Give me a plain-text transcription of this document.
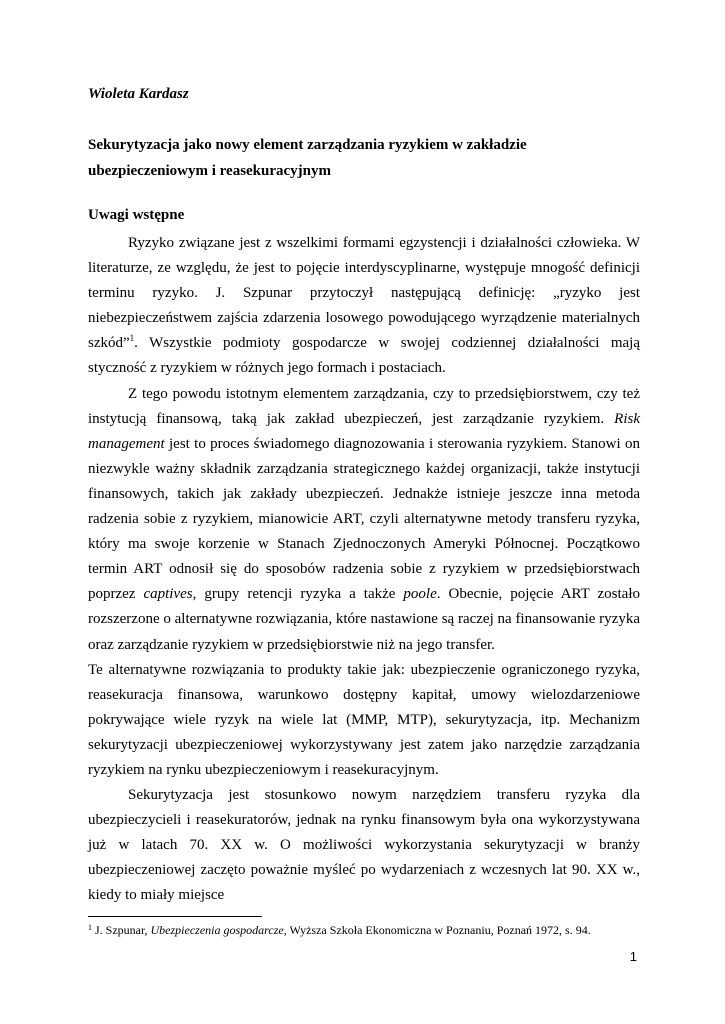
Wioleta Kardasz
Sekurytyzacja jako nowy element zarządzania ryzykiem w zakładzie ubezpieczeniowym i reasekuracyjnym
Uwagi wstępne

Ryzyko związane jest z wszelkimi formami egzystencji i działalności człowieka. W literaturze, ze względu, że jest to pojęcie interdyscyplinarne, występuje mnogość definicji terminu ryzyko. J. Szpunar przytoczył następującą definicję: „ryzyko jest niebezpieczeństwem zajścia zdarzenia losowego powodującego wyrządzenie materialnych szkód”$^1$. Wszystkie podmioty gospodarcze w swojej codziennej działalności mają styczność z ryzykiem w różnych jego formach i postaciach.

Z tego powodu istotnym elementem zarządzania, czy to przedsiębiorstwem, czy też instytucją finansową, taką jak zakład ubezpieczeń, jest zarządzanie ryzykiem. Risk management jest to proces świadomego diagnozowania i sterowania ryzykiem. Stanowi on niezwykle ważny składnik zarządzania strategicznego każdej organizacji, także instytucji finansowych, takich jak zakłady ubezpieczeń. Jednakże istnieje jeszcze inna metoda radzenia sobie z ryzykiem, mianowicie ART, czyli alternatywne metody transferu ryzyka, który ma swoje korzenie w Stanach Zjednoczonych Ameryki Północnej. Początkowo termin ART odnosił się do sposobów radzenia sobie z ryzykiem w przedsiębiorstwach poprzez captives, grupy retencji ryzyka a także poole. Obecnie, pojęcie ART zostało rozszerzone o alternatywne rozwiązania, które nastawione są raczej na finansowanie ryzyka oraz zarządzanie ryzykiem w przedsiębiorstwie niż na jego transfer.

Te alternatywne rozwiązania to produkty takie jak: ubezpieczenie ograniczonego ryzyka, reasekuracja finansowa, warunkowo dostępny kapitał, umowy wielozdarzeniowe pokrywające wiele ryzyk na wiele lat (MMP, MTP), sekurytyzacja, itp. Mechanizm sekurytyzacji ubezpieczeniowej wykorzystywany jest zatem jako narzędzie zarządzania ryzykiem na rynku ubezpieczeniowym i reasekuracyjnym.

Sekurytyzacja jest stosunkowo nowym narzędziem transferu ryzyka dla ubezpieczycieli i reasekuratorów, jednak na rynku finansowym była ona wykorzystywana już w latach 70. XX w. O możliwości wykorzystania sekurytyzacji w branży ubezpieczeniowej zaczęto poważnie myśleć po wydarzeniach z wczesnych lat 90. XX w., kiedy to miały miejsce

$^1$ J. Szpunar, Ubezpieczenia gospodarcze, Wyższa Szkoła Ekonomiczna w Poznaniu, Poznań 1972, s. 94.
1
